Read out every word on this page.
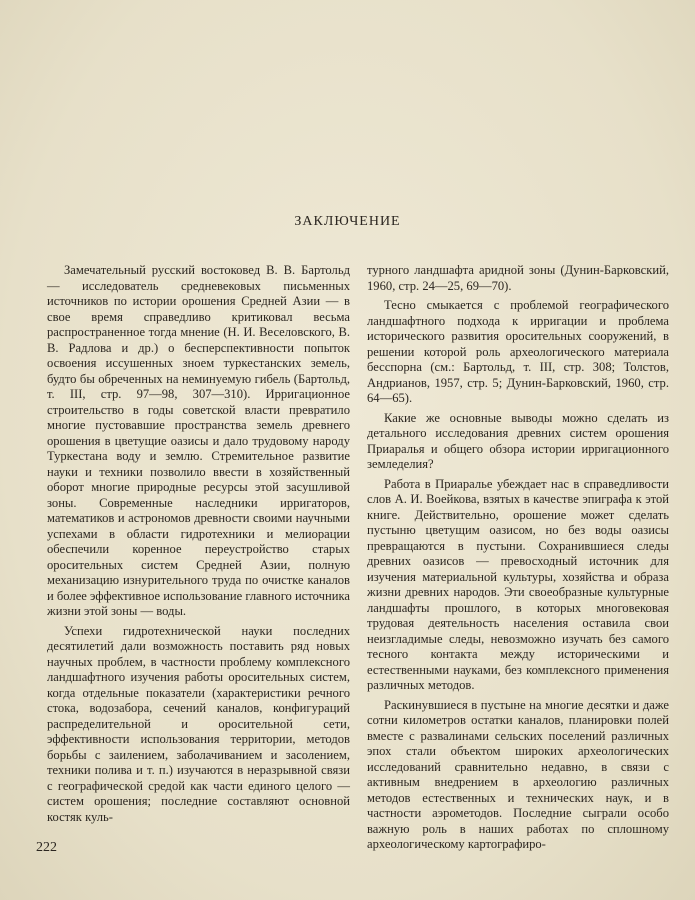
ЗАКЛЮЧЕНИЕ

Замечательный русский востоковед В. В. Бартольд — исследователь средневековых письменных источников по истории орошения Средней Азии — в свое время справедливо критиковал весьма распространенное тогда мнение (Н. И. Веселовского, В. В. Радлова и др.) о бесперспективности попыток освоения иссушенных зноем туркестанских земель, будто бы обреченных на неминуемую гибель (Бартольд, т. III, стр. 97—98, 307—310). Ирригационное строительство в годы советской власти превратило многие пустовавшие пространства земель древнего орошения в цветущие оазисы и дало трудовому народу Туркестана воду и землю. Стремительное развитие науки и техники позволило ввести в хозяйственный оборот многие природные ресурсы этой засушливой зоны. Современные наследники ирригаторов, математиков и астрономов древности своими научными успехами в области гидротехники и мелиорации обеспечили коренное переустройство старых оросительных систем Средней Азии, полную механизацию изнурительного труда по очистке каналов и более эффективное использование главного источника жизни этой зоны — воды.

Успехи гидротехнической науки последних десятилетий дали возможность поставить ряд новых научных проблем, в частности проблему комплексного ландшафтного изучения работы оросительных систем, когда отдельные показатели (характеристики речного стока, водозабора, сечений каналов, конфигураций распределительной и оросительной сети, эффективности использования территории, методов борьбы с заилением, заболачиванием и засолением, техники полива и т. п.) изучаются в неразрывной связи с географической средой как части единого целого — систем орошения; последние составляют основной костяк куль-

турного ландшафта аридной зоны (Дунин-Барковский, 1960, стр. 24—25, 69—70).

Тесно смыкается с проблемой географического ландшафтного подхода к ирригации и проблема исторического развития оросительных сооружений, в решении которой роль археологического материала бесспорна (см.: Бартольд, т. III, стр. 308; Толстов, Андрианов, 1957, стр. 5; Дунин-Барковский, 1960, стр. 64—65).

Какие же основные выводы можно сделать из детального исследования древних систем орошения Приаралья и общего обзора истории ирригационного земледелия?

Работа в Приаралье убеждает нас в справедливости слов А. И. Воейкова, взятых в качестве эпиграфа к этой книге. Действительно, орошение может сделать пустыню цветущим оазисом, но без воды оазисы превращаются в пустыни. Сохранившиеся следы древних оазисов — превосходный источник для изучения материальной культуры, хозяйства и образа жизни древних народов. Эти своеобразные культурные ландшафты прошлого, в которых многовековая трудовая деятельность населения оставила свои неизгладимые следы, невозможно изучать без самого тесного контакта между историческими и естественными науками, без комплексного применения различных методов.

Раскинувшиеся в пустыне на многие десятки и даже сотни километров остатки каналов, планировки полей вместе с развалинами сельских поселений различных эпох стали объектом широких археологических исследований сравнительно недавно, в связи с активным внедрением в археологию различных методов естественных и технических наук, и в частности аэрометодов. Последние сыграли особо важную роль в наших работах по сплошному археологическому картографиро-

222
